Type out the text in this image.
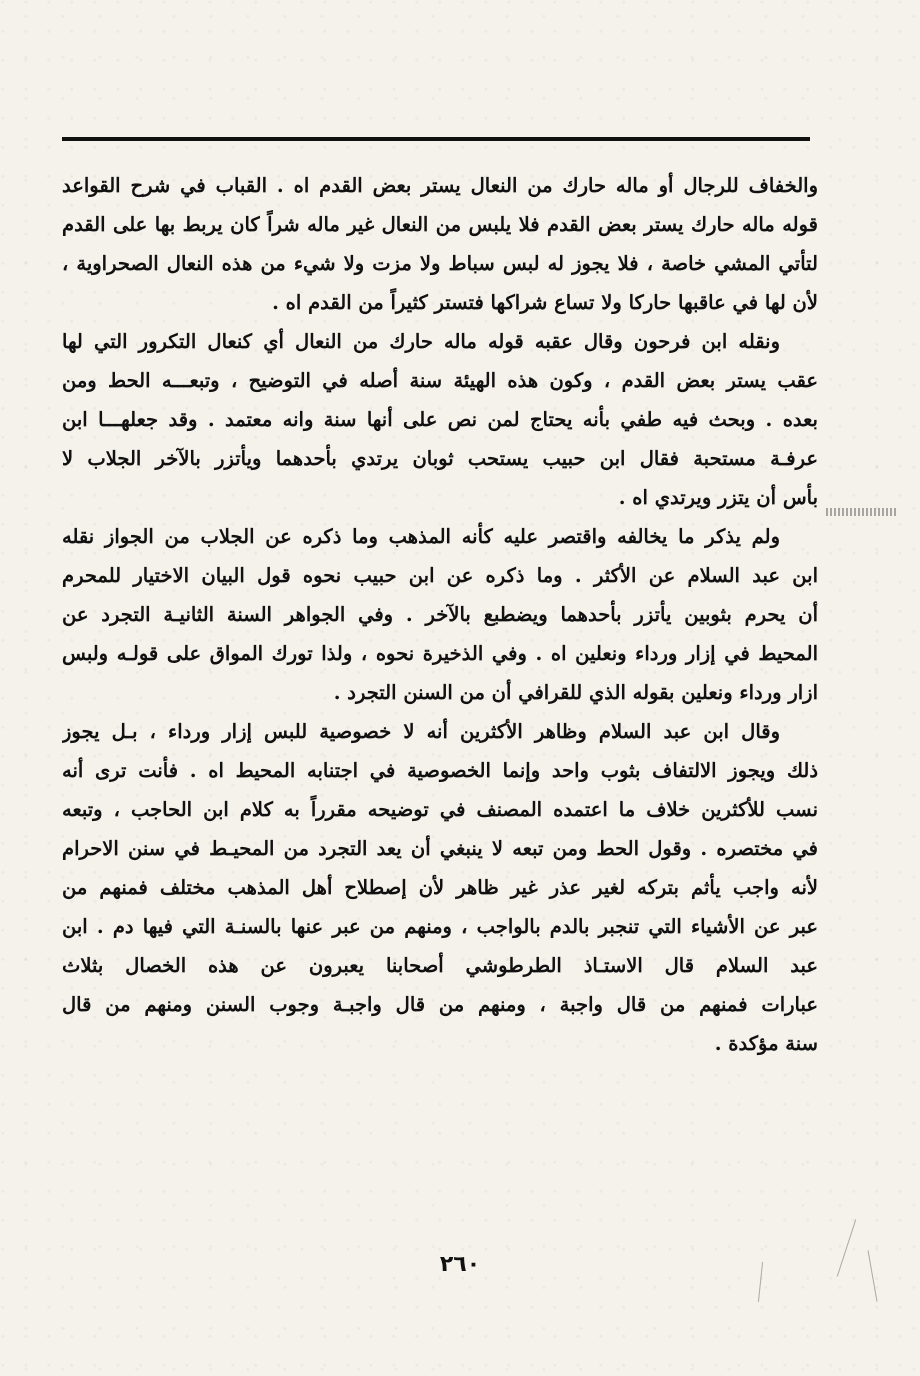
والخفاف للرجال أو ماله حارك من النعال يستر بعض القدم اه . القباب في شرح القواعد
قوله ماله حارك يستر بعض القدم فلا يلبس من النعال غير ماله شراً كان يربط بها على القدم
لتأتي المشي خاصة ، فلا يجوز له لبس سباط ولا مزت ولا شيء من هذه النعال الصحراوية ،
لأن لها في عاقبها حاركا ولا تساع شراكها فتستر كثيراً من القدم اه .
ونقله ابن فرحون وقال عقبه قوله ماله حارك من النعال أي كنعال التكرور التي لها
عقب يستر بعض القدم ، وكون هذه الهيئة سنة أصله في التوضيح ، وتبعـــه الحط ومن
بعده . وبحث فيه طفي بأنه يحتاج لمن نص على أنها سنة وانه معتمد . وقد جعلهـــا ابن
عرفـة مستحبة فقال ابن حبيب يستحب ثوبان يرتدي بأحدهما ويأتزر بالآخر الجلاب لا
بأس أن يتزر ويرتدي اه .
ولم يذكر ما يخالفه واقتصر عليه كأنه المذهب وما ذكره عن الجلاب من الجواز نقله
ابن عبد السلام عن الأكثر . وما ذكره عن ابن حبيب نحوه قول البيان الاختيار للمحرم
أن يحرم بثوبين يأتزر بأحدهما ويضطبع بالآخر . وفي الجواهر السنة الثانيـة التجرد عن
المحيط في إزار ورداء ونعلين اه . وفي الذخيرة نحوه ، ولذا تورك المواق على قولـه ولبس
ازار ورداء ونعلين بقوله الذي للقرافي أن من السنن التجرد .
وقال ابن عبد السلام وظاهر الأكثرين أنه لا خصوصية للبس إزار ورداء ، بـل يجوز
ذلك ويجوز الالتفاف بثوب واحد وإنما الخصوصية في اجتنابه المحيط اه . فأنت ترى أنه
نسب للأكثرين خلاف ما اعتمده المصنف في توضيحه مقرراً به كلام ابن الحاجب ، وتبعه
في مختصره . وقول الحط ومن تبعه لا ينبغي أن يعد التجرد من المحيـط في سنن الاحرام
لأنه واجب يأثم بتركه لغير عذر غير ظاهر لأن إصطلاح أهل المذهب مختلف فمنهم من
عبر عن الأشياء التي تنجبر بالدم بالواجب ، ومنهم من عبر عنها بالسنـة التي فيها دم . ابن
عبد السلام قال الاستـاذ الطرطوشي أصحابنا يعبرون عن هذه الخصال بثلاث
عبارات فمنهم من قال واجبة ، ومنهم من قال واجبـة وجوب السنن ومنهم من قال
سنة مؤكدة .
٢٦٠
